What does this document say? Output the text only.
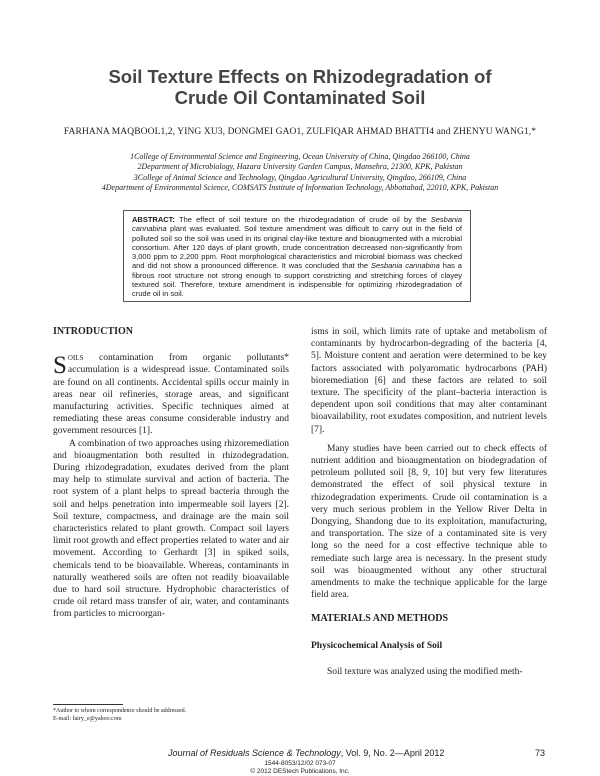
Soil Texture Effects on Rhizodegradation of
Crude Oil Contaminated Soil
FARHANA MAQBOOL1,2, YING XU3, DONGMEI GAO1, ZULFIQAR AHMAD BHATTI4 and ZHENYU WANG1,*
1College of Environmental Science and Engineering, Ocean University of China, Qingdao 266100, China
2Department of Microbiology, Hazara University Garden Campus, Mansehra, 21300, KPK, Pakistan
3College of Animal Science and Technology, Qingdao Agricultural University, Qingdao, 266109, China
4Department of Environmental Science, COMSATS Institute of Information Technology, Abbottabad, 22010, KPK, Pakistan
ABSTRACT: The effect of soil texture on the rhizodegradation of crude oil by the Sesbania cannabina plant was evaluated. Soil texture amendment was difficult to carry out in the field of polluted soil so the soil was used in its original clay-like texture and bioaugmented with a microbial consortium. After 120 days of plant growth, crude concentration decreased non-significantly from 3,000 ppm to 2,200 ppm. Root morphological characteristics and microbial biomass was checked and did not show a pronounced difference. It was concluded that the Sesbania cannabina has a fibrous root structure not strong enough to support constricting and stretching forces of clayey textured soil. Therefore, texture amendment is indispensible for optimizing rhizodegradation of crude oil in soil.
INTRODUCTION

Soils contamination from organic pollutants* accumulation is a widespread issue. Contaminated soils are found on all continents. Accidental spills occur mainly in areas near oil refineries, storage areas, and significant manufacturing activities. Specific techniques aimed at remediating these areas consume considerable industry and government resources [1].

A combination of two approaches using rhizoremediation and bioaugmentation both resulted in rhizodegradation. During rhizodegradation, exudates derived from the plant may help to stimulate survival and action of bacteria. The root system of a plant helps to spread bacteria through the soil and helps penetration into impermeable soil layers [2]. Soil texture, compactness, and drainage are the main soil characteristics related to plant growth. Compact soil layers limit root growth and effect properties related to water and air movement. According to Gerhardt [3] in spiked soils, chemicals tend to be bioavailable. Whereas, contaminants in naturally weathered soils are often not readily bioavailable due to hard soil structure. Hydrophobic characteristics of crude oil retard mass transfer of air, water, and contaminants from particles to microorgan-

isms in soil, which limits rate of uptake and metabolism of contaminants by hydrocarbon-degrading of the bacteria [4, 5]. Moisture content and aeration were determined to be key factors associated with polyaromatic hydrocarbons (PAH) bioremediation [6] and these factors are related to soil texture. The specificity of the plant–bacteria interaction is dependent upon soil conditions that may alter contaminant bioavailability, root exudates composition, and nutrient levels [7].

Many studies have been carried out to check effects of nutrient addition and bioaugmentation on biodegradation of petroleum polluted soil [8, 9, 10] but very few literatures demonstrated the effect of soil physical texture in rhizodegradation experiments. Crude oil contamination is a very much serious problem in the Yellow River Delta in Dongying, Shandong due to its exploitation, manufacturing, and transportation. The size of a contaminated site is very long so the need for a cost effective technique able to remediate such large area is necessary. In the present study soil was bioaugmented without any other structural amendments to make the technique applicable for the large field area.

MATERIALS AND METHODS
Physicochemical Analysis of Soil

Soil texture was analyzed using the modified meth-

*Author to whom correspondence should be addressed.
E-mail: fairy_e@yahoo.com
Journal of Residuals Science & Technology, Vol. 9, No. 2—April 2012	73
1544-8053/12/02 073-07
© 2012 DEStech Publications, Inc.
